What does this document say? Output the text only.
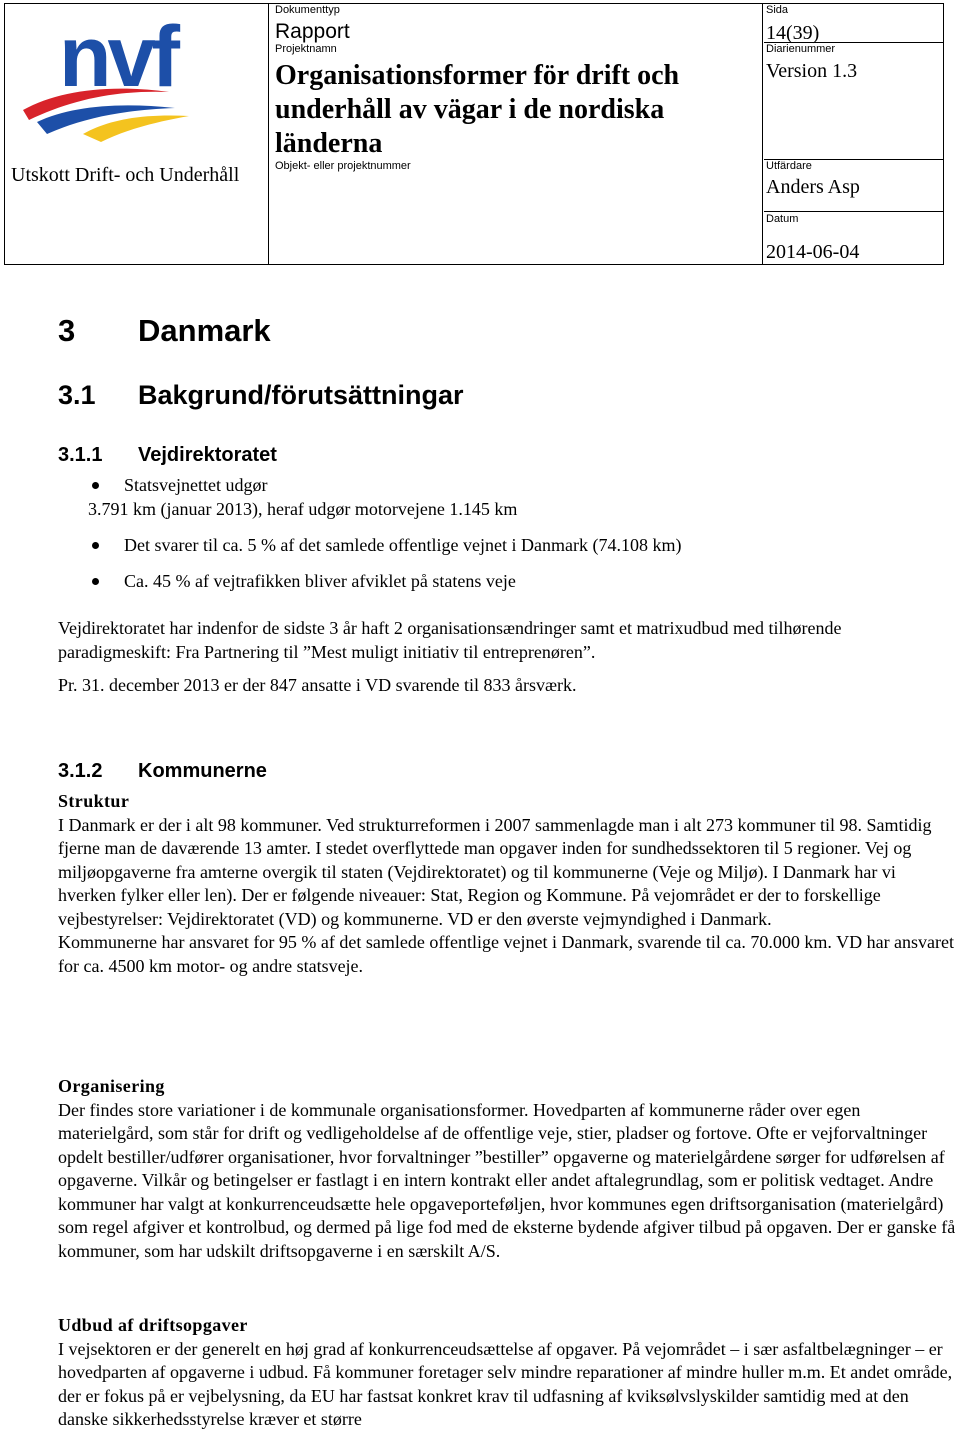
nvf
Utskott Drift- och Underhåll
Dokumenttyp
Rapport
Projektnamn
Organisationsformer för drift och underhåll av vägar i de nordiska länderna
Objekt- eller projektnummer
Sida
14(39)
Diarienummer
Version 1.3
Utfärdare
Anders Asp
Datum
2014-06-04
3 Danmark
3.1 Bakgrund/förutsättningar
3.1.1 Vejdirektoratet
Statsvejnettet udgør
3.791 km (januar 2013), heraf udgør motorvejene 1.145 km
Det svarer til ca. 5 % af det samlede offentlige vejnet i Danmark (74.108 km)
Ca. 45 % af vejtrafikken bliver afviklet på statens veje

Vejdirektoratet har indenfor de sidste 3 år haft 2 organisationsændringer samt et matrixudbud med tilhørende paradigmeskift: Fra Partnering til ”Mest muligt initiativ til entreprenøren”.

Pr. 31. december 2013 er der 847 ansatte i VD svarende til 833 årsværk.

3.1.2 Kommunerne

Struktur

I Danmark er der i alt 98 kommuner. Ved strukturreformen i 2007 sammenlagde man i alt 273 kommuner til 98. Samtidig fjerne man de daværende 13 amter. I stedet overflyttede man opgaver inden for sundhedssektoren til 5 regioner. Vej og miljøopgaverne fra amterne overgik til staten (Vejdirektoratet) og til kommunerne (Veje og Miljø). I Danmark har vi hverken fylker eller len). Der er følgende niveauer: Stat, Region og Kommune. På vejområdet er der to forskellige vejbestyrelser: Vejdirektoratet (VD) og kommunerne. VD er den øverste vejmyndighed i Danmark.

Kommunerne har ansvaret for 95 % af det samlede offentlige vejnet i Danmark, svarende til ca. 70.000 km. VD har ansvaret for ca. 4500 km motor- og andre statsveje.

Organisering

Der findes store variationer i de kommunale organisationsformer. Hovedparten af kommunerne råder over egen materielgård, som står for drift og vedligeholdelse af de offentlige veje, stier, pladser og fortove. Ofte er vejforvaltninger opdelt bestiller/udfører organisationer, hvor forvaltninger ”bestiller” opgaverne og materielgårdene sørger for udførelsen af opgaverne. Vilkår og betingelser er fastlagt i en intern kontrakt eller andet aftalegrundlag, som er politisk vedtaget. Andre kommuner har valgt at konkurrenceudsætte hele opgaveporteføljen, hvor kommunes egen driftsorganisation (materielgård) som regel afgiver et kontrolbud, og dermed på lige fod med de eksterne bydende afgiver tilbud på opgaven. Der er ganske få kommuner, som har udskilt driftsopgaverne i en særskilt A/S.

Udbud af driftsopgaver

I vejsektoren er der generelt en høj grad af konkurrenceudsættelse af opgaver. På vejområdet – i sær asfaltbelægninger – er hovedparten af opgaverne i udbud. Få kommuner foretager selv mindre reparationer af mindre huller m.m. Et andet område, der er fokus på er vejbelysning, da EU har fastsat konkret krav til udfasning af kviksølvslyskilder samtidig med at den danske sikkerhedsstyrelse kræver et større
